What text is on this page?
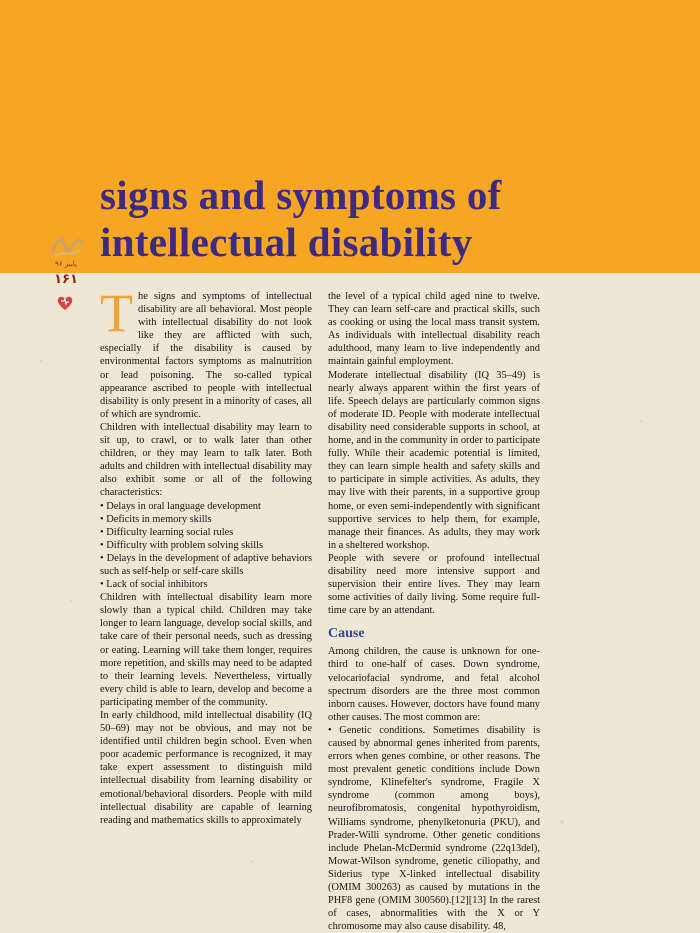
signs and symptoms of
intellectual disability
پاییز ۹۶
۱۶۱

The signs and symptoms of intellectual disability are all behavioral. Most people with intellectual disability do not look like they are afflicted with such, especially if the disability is caused by environmental factors symptoms as malnutrition or lead poisoning. The so-called typical appearance ascribed to people with intellectual disability is only present in a minority of cases, all of which are syndromic.

Children with intellectual disability may learn to sit up, to crawl, or to walk later than other children, or they may learn to talk later. Both adults and children with intellectual disability may also exhibit some or all of the following characteristics:

• Delays in oral language development
• Deficits in memory skills
• Difficulty learning social rules
• Difficulty with problem solving skills
• Delays in the development of adaptive behaviors such as self-help or self-care skills
• Lack of social inhibitors

Children with intellectual disability learn more slowly than a typical child. Children may take longer to learn language, develop social skills, and take care of their personal needs, such as dressing or eating. Learning will take them longer, requires more repetition, and skills may need to be adapted to their learning levels. Nevertheless, virtually every child is able to learn, develop and become a participating member of the community.

In early childhood, mild intellectual disability (IQ 50–69) may not be obvious, and may not be identified until children begin school. Even when poor academic performance is recognized, it may take expert assessment to distinguish mild intellectual disability from learning disability or emotional/behavioral disorders. People with mild intellectual disability are capable of learning reading and mathematics skills to approximately

the level of a typical child aged nine to twelve. They can learn self-care and practical skills, such as cooking or using the local mass transit system. As individuals with intellectual disability reach adulthood, many learn to live independently and maintain gainful employment.

Moderate intellectual disability (IQ 35–49) is nearly always apparent within the first years of life. Speech delays are particularly common signs of moderate ID. People with moderate intellectual disability need considerable supports in school, at home, and in the community in order to participate fully. While their academic potential is limited, they can learn simple health and safety skills and to participate in simple activities. As adults, they may live with their parents, in a supportive group home, or even semi-independently with significant supportive services to help them, for example, manage their finances. As adults, they may work in a sheltered workshop.

People with severe or profound intellectual disability need more intensive support and supervision their entire lives. They may learn some activities of daily living. Some require full-time care by an attendant.

Cause

Among children, the cause is unknown for one-third to one-half of cases. Down syndrome, velocariofacial syndrome, and fetal alcohol spectrum disorders are the three most common inborn causes. However, doctors have found many other causes. The most common are:

• Genetic conditions. Sometimes disability is caused by abnormal genes inherited from parents, errors when genes combine, or other reasons. The most prevalent genetic conditions include Down syndrome, Klinefelter's syndrome, Fragile X syndrome (common among boys), neurofibromatosis, congenital hypothyroidism, Williams syndrome, phenylketonuria (PKU), and Prader-Willi syndrome. Other genetic conditions include Phelan-McDermid syndrome (22q13del), Mowat-Wilson syndrome, genetic ciliopathy, and Siderius type X-linked intellectual disability (OMIM 300263) as caused by mutations in the PHF8 gene (OMIM 300560).[12][13] In the rarest of cases, abnormalities with the X or Y chromosome may also cause disability. 48,
